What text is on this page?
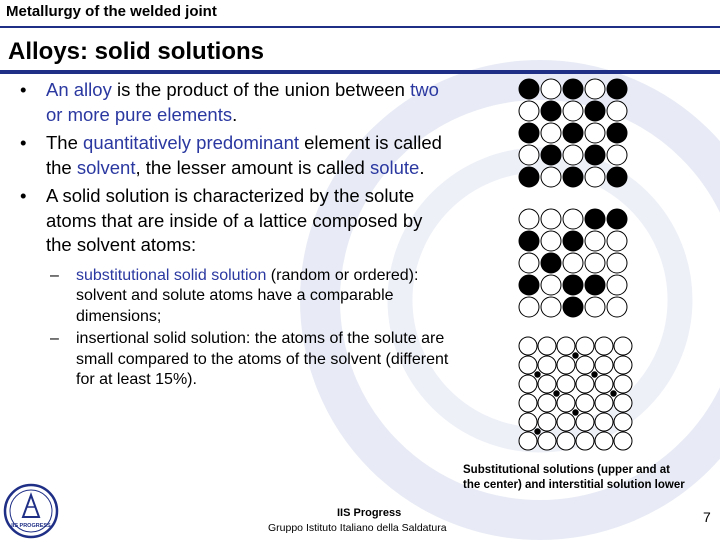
Metallurgy of the welded joint
Alloys: solid solutions
• An alloy is the product of the union between two or more pure elements.
• The quantitatively predominant element is called the solvent, the lesser amount is called solute.
• A solid solution is characterized by the solute atoms that are inside of a lattice composed by the solvent atoms:
– substitutional solid solution (random or ordered): solvent and solute atoms have a comparable dimensions;
– insertional solid solution: the atoms of the solute are small compared to the atoms of the solvent (different for at least 15%).
Substitutional solutions (upper and at the center) and interstitial solution lower
IIS PROGRESS
IIS Progress
Gruppo Istituto Italiano della Saldatura
7
